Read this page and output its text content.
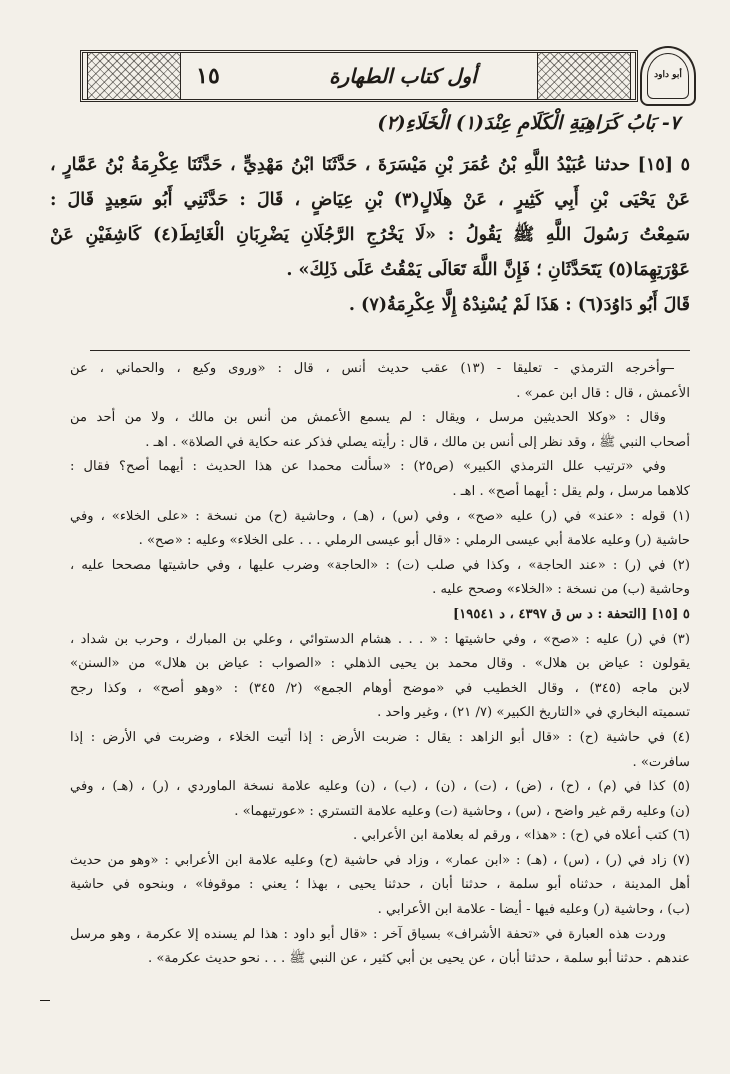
١٥	أول كتاب الطهارة	أبو داود
٧- بَابُ كَرَاهِيَةِ الْكَلَامِ عِنْدَ(١) الْخَلَاءِ(٢)
٥ [١٥] حدثنا عُبَيْدُ اللَّهِ بْنُ عُمَرَ بْنِ مَيْسَرَةَ ، حَدَّثَنَا ابْنُ مَهْدِيٍّ ، حَدَّثَنَا عِكْرِمَةُ بْنُ عَمَّارٍ ،
عَنْ يَحْيَى بْنِ أَبِي كَثِيرٍ ، عَنْ هِلَالٍ(٣) بْنِ عِيَاضٍ ، قَالَ : حَدَّثَنِي أَبُو سَعِيدٍ قَالَ :
سَمِعْتُ رَسُولَ اللَّهِ ﷺ يَقُولُ : «لَا يَخْرُجِ الرَّجُلَانِ يَضْرِبَانِ الْغَائِطَ(٤) كَاشِفَيْنِ عَنْ
عَوْرَتِهِمَا(٥) يَتَحَدَّثَانِ ؛ فَإِنَّ اللَّهَ تَعَالَى يَمْقُتُ عَلَى ذَلِكَ» .
قَالَ أَبُو دَاوُدَ(٦) : هَذَا لَمْ يُسْنِدْهُ إِلَّا عِكْرِمَةُ(٧) .
وأخرجه الترمذي - تعليقا - (١٣) عقب حديث أنس ، قال : «وروى وكيع ، والحماني ، عن
الأعمش ، قال : قال ابن عمر» .
وقال : «وكلا الحديثين مرسل ، ويقال : لم يسمع الأعمش من أنس بن مالك ، ولا من أحد من
أصحاب النبي ﷺ ، وقد نظر إلى أنس بن مالك ، قال : رأيته يصلي فذكر عنه حكاية في الصلاة» . اهـ .
وفي «ترتيب علل الترمذي الكبير» (ص٢٥) : «سألت محمدا عن هذا الحديث : أيهما أصح؟ فقال :
كلاهما مرسل ، ولم يقل : أيهما أصح» . اهـ .
(١) قوله : «عند» في (ر) عليه «صح» ، وفي (س) ، (هـ) ، وحاشية (ح) من نسخة : «على الخلاء» ، وفي
حاشية (ر) وعليه علامة أبي عيسى الرملي : «قال أبو عيسى الرملي . . . على الخلاء» وعليه : «صح» .
(٢) في (ر) : «عند الحاجة» ، وكذا في صلب (ت) : «الحاجة» وضرب عليها ، وفي حاشيتها مصححا عليه ،
وحاشية (ب) من نسخة : «الخلاء» وصحح عليه .
٥ [١٥] [التحفة : د س ق ٤٣٩٧ ، د ١٩٥٤١]
(٣) في (ر) عليه : «صح» ، وفي حاشيتها : « . . . هشام الدستوائي ، وعلي بن المبارك ، وحرب بن شداد ،
يقولون : عياض بن هلال» . وقال محمد بن يحيى الذهلي : «الصواب : عياض بن هلال» من «السنن»
لابن ماجه (٣٤٥) ، وقال الخطيب في «موضح أوهام الجمع» (٢/ ٣٤٥) : «وهو أصح» ، وكذا رجح
تسميته البخاري في «التاريخ الكبير» (٧/ ٢١) ، وغير واحد .
(٤) في حاشية (ح) : «قال أبو الزاهد : يقال : ضربت الأرض : إذا أتيت الخلاء ، وضربت في الأرض : إذا
سافرت» .
(٥) كذا في (م) ، (ح) ، (ض) ، (ت) ، (ن) ، (ب) ، (ن) وعليه علامة نسخة الماوردي ، (ر) ، (هـ) ، وفي
(ن) وعليه رقم غير واضح ، (س) ، وحاشية (ت) وعليه علامة التستري : «عورتيهما» .
(٦) كتب أعلاه في (ح) : «هذا» ، ورقم له بعلامة ابن الأعرابي .
(٧) زاد في (ر) ، (س) ، (هـ) : «ابن عمار» ، وزاد في حاشية (ح) وعليه علامة ابن الأعرابي : «وهو من حديث
أهل المدينة ، حدثناه أبو سلمة ، حدثنا أبان ، حدثنا يحيى ، بهذا ؛ يعني : موقوفا» ، وبنحوه في حاشية
(ب) ، وحاشية (ر) وعليه فيها - أيضا - علامة ابن الأعرابي .
وردت هذه العبارة في «تحفة الأشراف» بسياق آخر : «قال أبو داود : هذا لم يسنده إلا عكرمة ، وهو مرسل
عندهم . حدثنا أبو سلمة ، حدثنا أبان ، عن يحيى بن أبي كثير ، عن النبي ﷺ . . . نحو حديث عكرمة» .
